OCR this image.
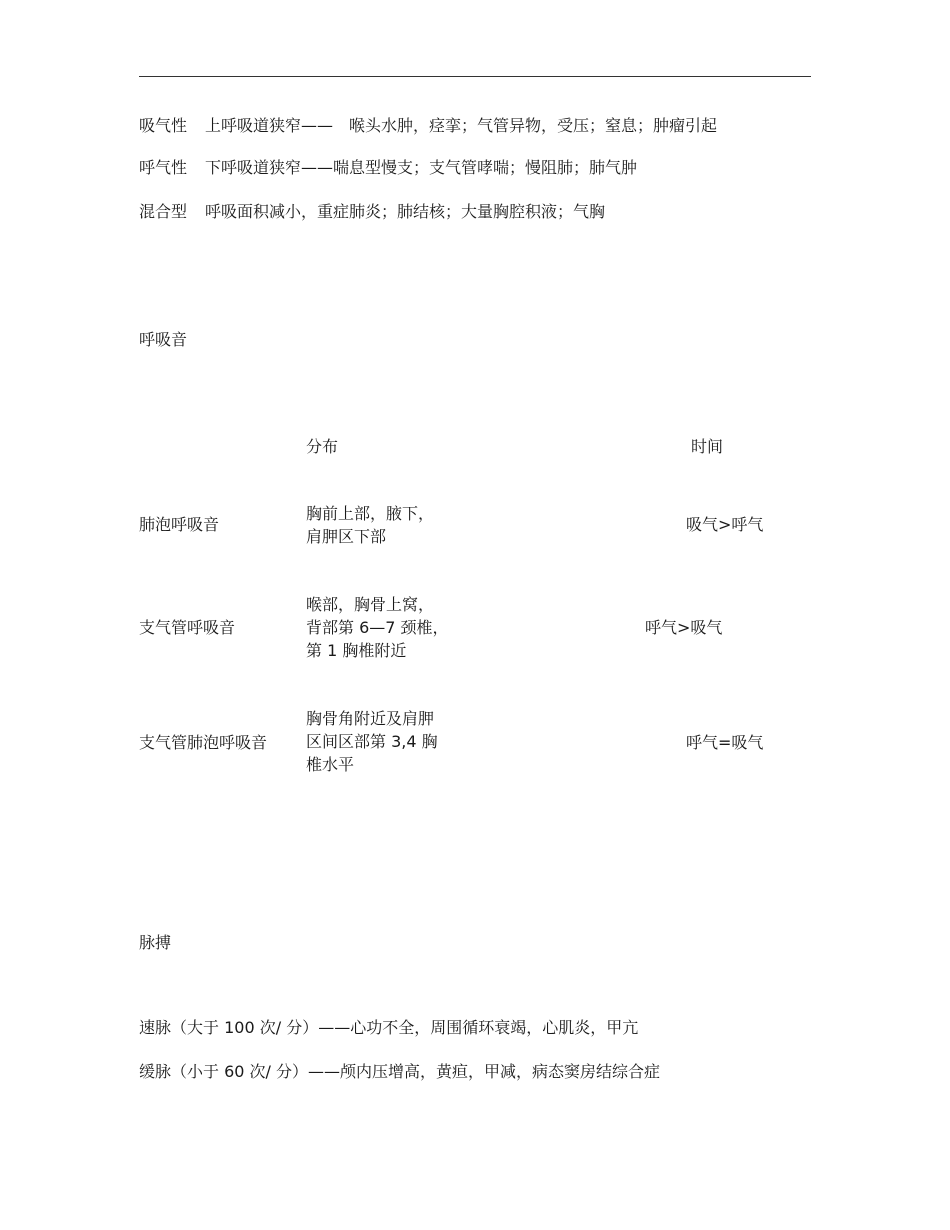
吸气性 上呼吸道狭窄——　喉头水肿，痉挛；气管异物，受压；窒息；肿瘤引起
呼气性 下呼吸道狭窄——喘息型慢支；支气管哮喘；慢阻肺；肺气肿
混合型 呼吸面积减小，重症肺炎；肺结核；大量胸腔积液；气胸
呼吸音
分布	时间
肺泡呼吸音
胸前上部，腋下，
肩胛区下部
吸气>呼气
支气管呼吸音
喉部，胸骨上窝，
背部第 6—7 颈椎，
第 1 胸椎附近
呼气>吸气
支气管肺泡呼吸音
胸骨角附近及肩胛
区间区部第 3,4 胸
椎水平
呼气=吸气
脉搏
速脉（大于 100 次/ 分）——心功不全，周围循环衰竭，心肌炎，甲亢
缓脉（小于 60 次/ 分）——颅内压增高，黄疸，甲减，病态窦房结综合症
